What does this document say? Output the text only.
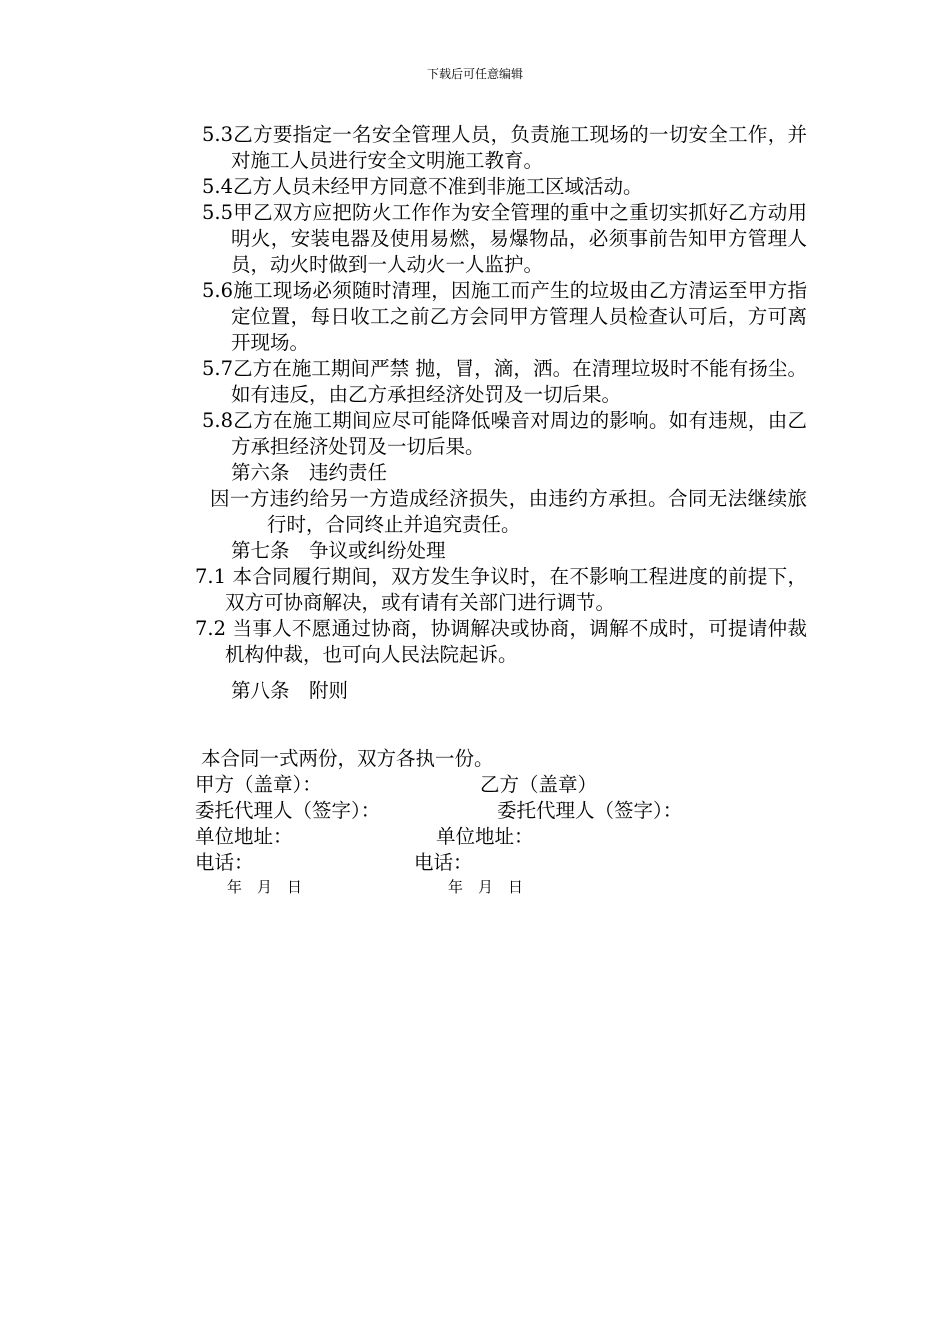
下载后可任意编辑

5.3乙方要指定一名安全管理人员，负责施工现场的一切安全工作，并对施工人员进行安全文明施工教育。

5.4乙方人员未经甲方同意不准到非施工区域活动。

5.5甲乙双方应把防火工作作为安全管理的重中之重切实抓好乙方动用明火，安装电器及使用易燃，易爆物品，必须事前告知甲方管理人员，动火时做到一人动火一人监护。

5.6施工现场必须随时清理，因施工而产生的垃圾由乙方清运至甲方指定位置，每日收工之前乙方会同甲方管理人员检查认可后，方可离开现场。

5.7乙方在施工期间严禁 抛，冒，滴，洒。在清理垃圾时不能有扬尘。如有违反，由乙方承担经济处罚及一切后果。

5.8乙方在施工期间应尽可能降低噪音对周边的影响。如有违规，由乙方承担经济处罚及一切后果。

第六条　违约责任

因一方违约给另一方造成经济损失，由违约方承担。合同无法继续旅行时，合同终止并追究责任。

第七条　争议或纠纷处理

7.1 本合同履行期间，双方发生争议时，在不影响工程进度的前提下，双方可协商解决，或有请有关部门进行调节。

7.2 当事人不愿通过协商，协调解决或协商，调解不成时，可提请仲裁机构仲裁，也可向人民法院起诉。

第八条　附则

本合同一式两份，双方各执一份。
甲方（盖章）：	乙方（盖章）
委托代理人（签字）：	委托代理人（签字）：
单位地址：	单位地址：
电话：	电话：

年　月　日

	年　月　日
